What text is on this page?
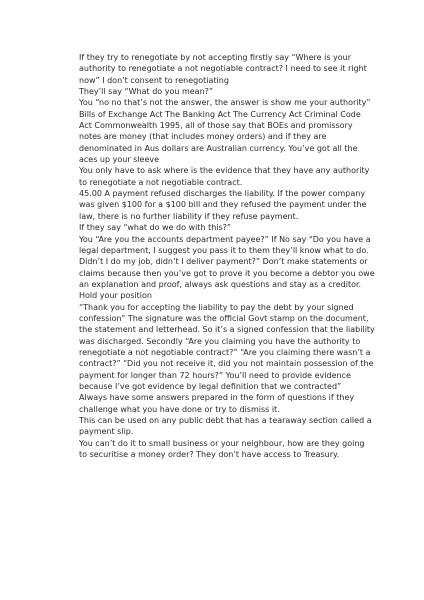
If they try to renegotiate by not accepting firstly say “Where is your authority to renegotiate a not negotiable contract? I need to see it right now” I don’t consent to renegotiating

They’ll say “What do you mean?”

You “no no that’s not the answer, the answer is show me your authority”

Bills of Exchange Act The Banking Act The Currency Act Criminal Code Act Commonwealth 1995, all of those say that BOEs and promissory notes are money (that includes money orders) and if they are denominated in Aus dollars are Australian currency. You’ve got all the aces up your sleeve

You only have to ask where is the evidence that they have any authority to renegotiate a not negotiable contract.

45.00 A payment refused discharges the liability. If the power company was given $100 for a $100 bill and they refused the payment under the law, there is no further liability if they refuse payment.

If they say “what do we do with this?”

You “Are you the accounts department payee?” If No say “Do you have a legal department, I suggest you pass it to them they’ll know what to do. Didn’t I do my job, didn’t I deliver payment?” Don’t make statements or claims because then you’ve got to prove it you become a debtor you owe an explanation and proof, always ask questions and stay as a creditor.

Hold your position

“Thank you for accepting the liability to pay the debt by your signed confession” The signature was the official Govt stamp on the document, the statement and letterhead. So it’s a signed confession that the liability was discharged. Secondly “Are you claiming you have the authority to renegotiate a not negotiable contract?” “Are you claiming there wasn’t a contract?” “Did you not receive it, did you not maintain possession of the payment for longer than 72 hours?” You’ll need to provide evidence because I’ve got evidence by legal definition that we contracted”

Always have some answers prepared in the form of questions if they challenge what you have done or try to dismiss it.

This can be used on any public debt that has a tearaway section called a payment slip.

You can’t do it to small business or your neighbour, how are they going to securitise a money order? They don’t have access to Treasury.
